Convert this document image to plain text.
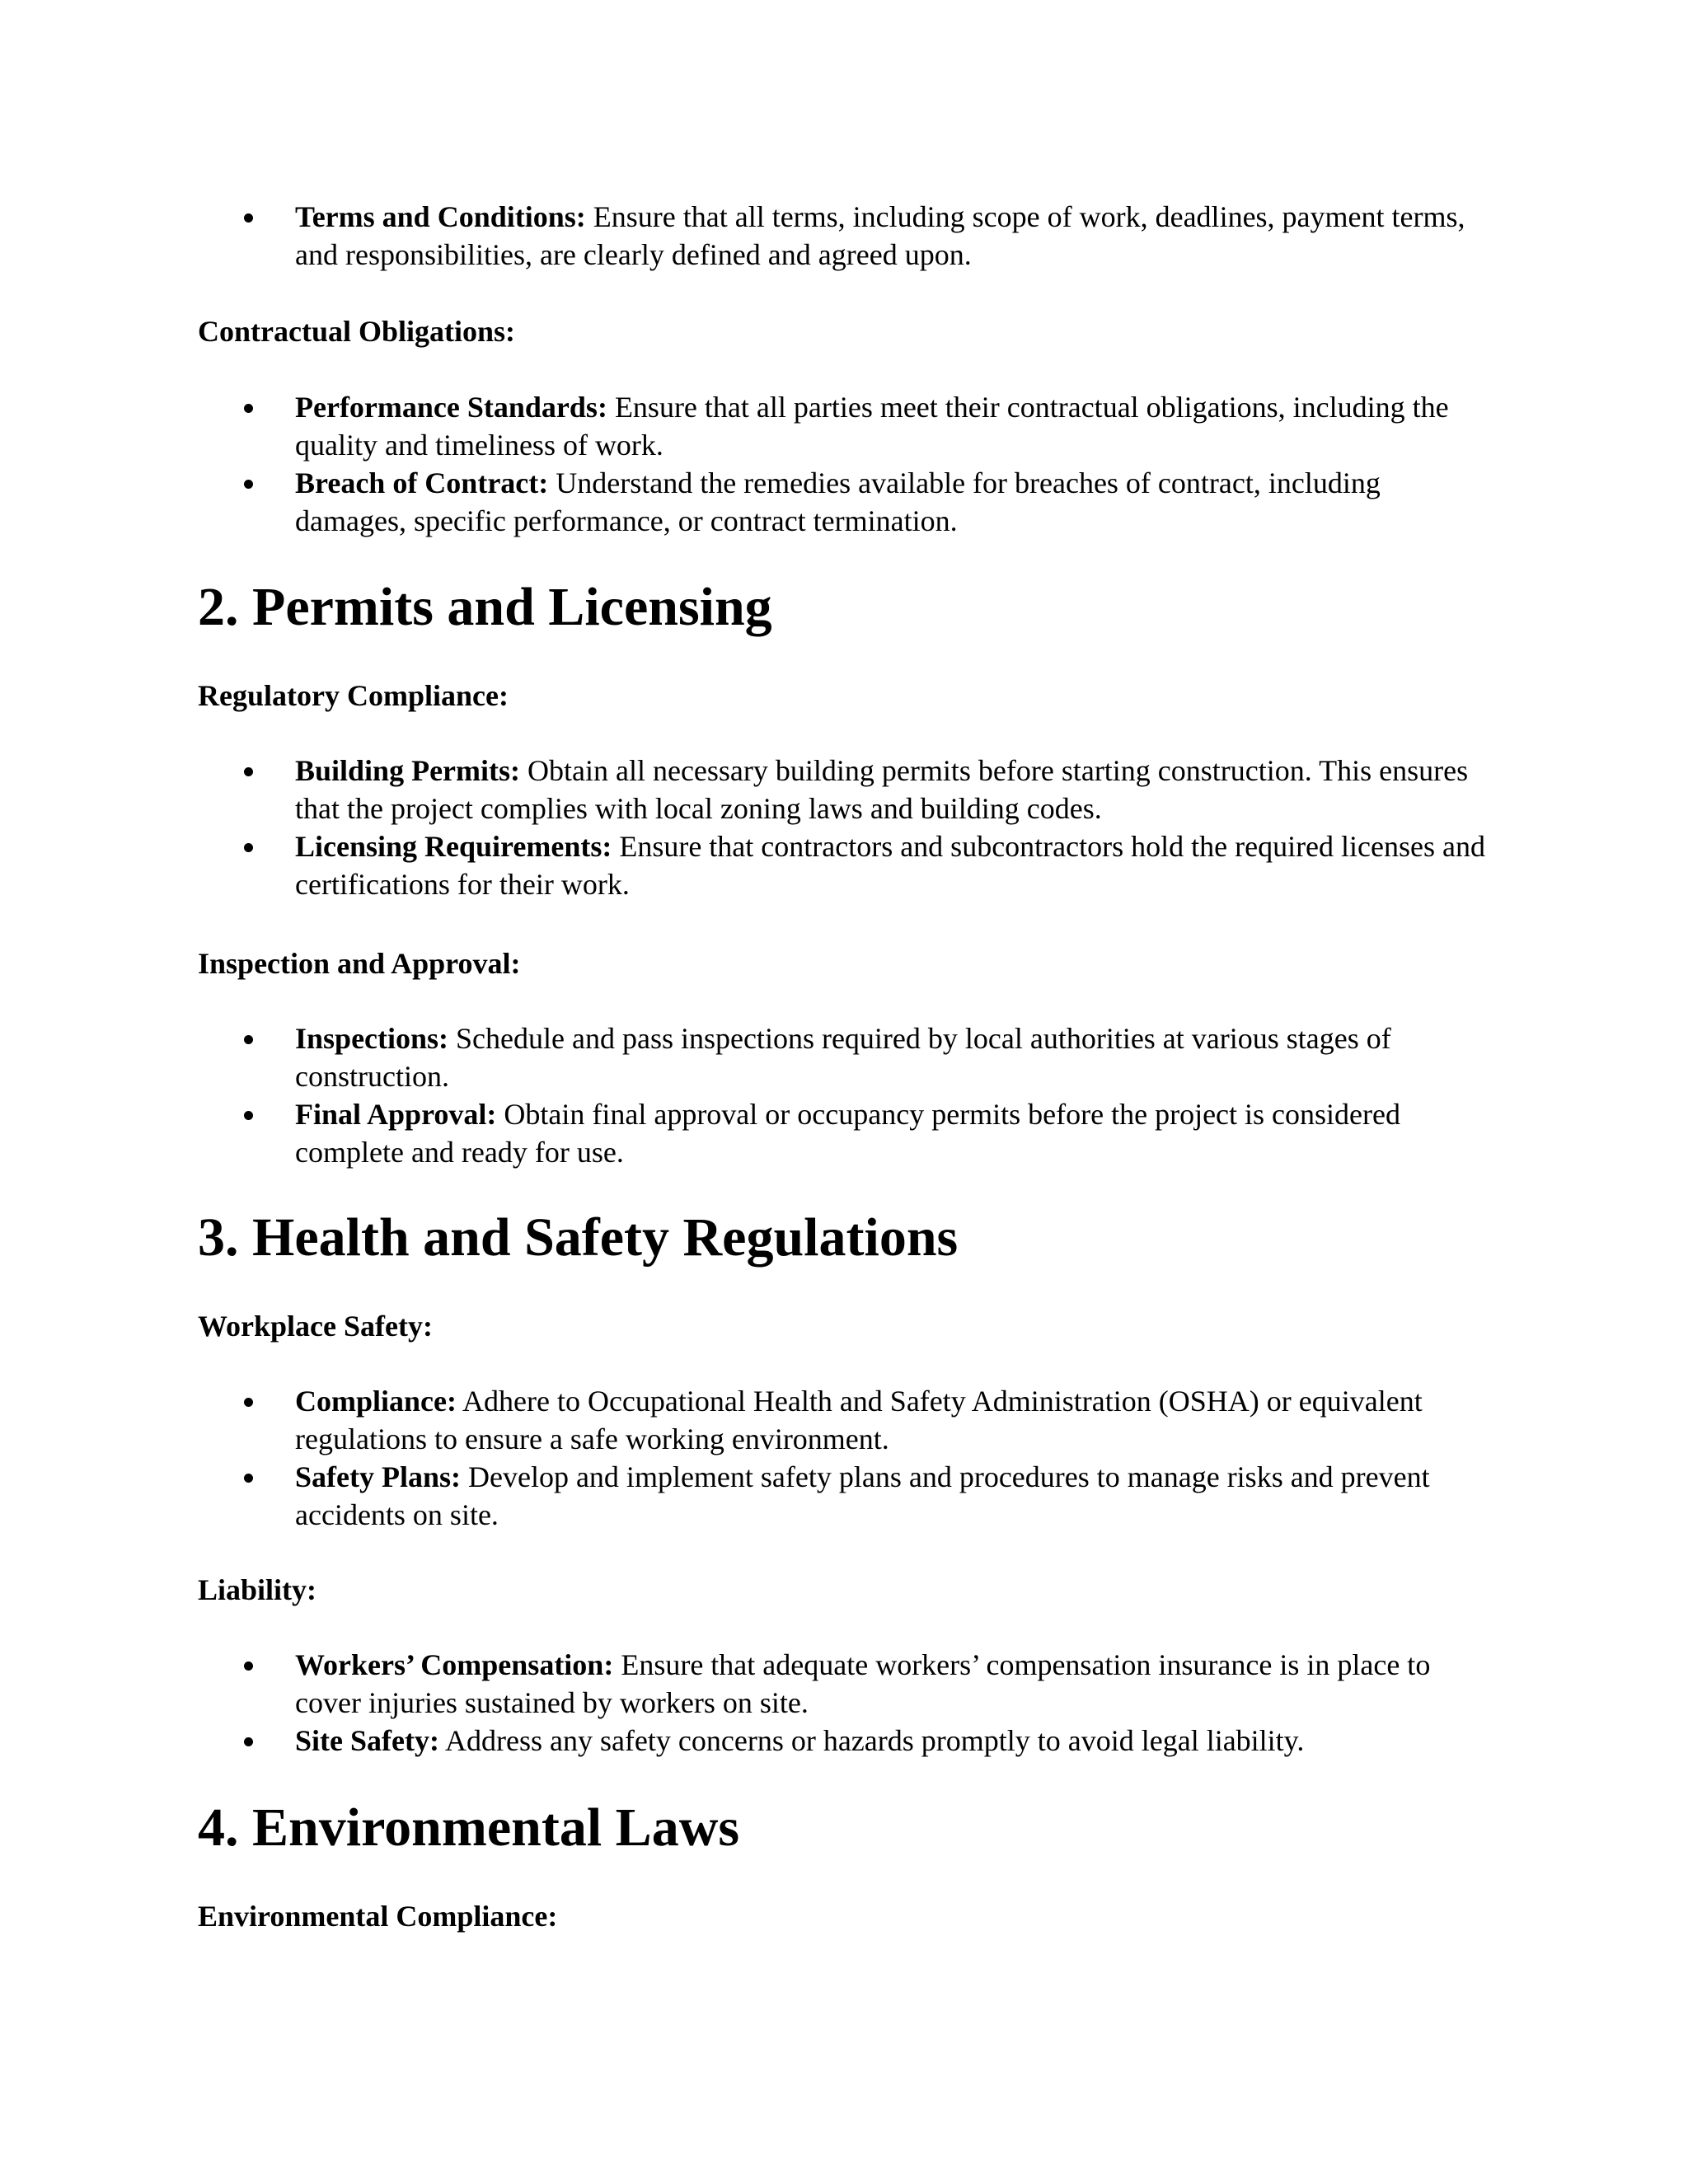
Terms and Conditions: Ensure that all terms, including scope of work, deadlines, payment terms, and responsibilities, are clearly defined and agreed upon.

Contractual Obligations:

Performance Standards: Ensure that all parties meet their contractual obligations, including the quality and timeliness of work.
Breach of Contract: Understand the remedies available for breaches of contract, including damages, specific performance, or contract termination.
2. Permits and Licensing

Regulatory Compliance:

Building Permits: Obtain all necessary building permits before starting construction. This ensures that the project complies with local zoning laws and building codes.
Licensing Requirements: Ensure that contractors and subcontractors hold the required licenses and certifications for their work.

Inspection and Approval:

Inspections: Schedule and pass inspections required by local authorities at various stages of construction.
Final Approval: Obtain final approval or occupancy permits before the project is considered complete and ready for use.
3. Health and Safety Regulations

Workplace Safety:

Compliance: Adhere to Occupational Health and Safety Administration (OSHA) or equivalent regulations to ensure a safe working environment.
Safety Plans: Develop and implement safety plans and procedures to manage risks and prevent accidents on site.

Liability:

Workers’ Compensation: Ensure that adequate workers’ compensation insurance is in place to cover injuries sustained by workers on site.
Site Safety: Address any safety concerns or hazards promptly to avoid legal liability.
4. Environmental Laws

Environmental Compliance:
